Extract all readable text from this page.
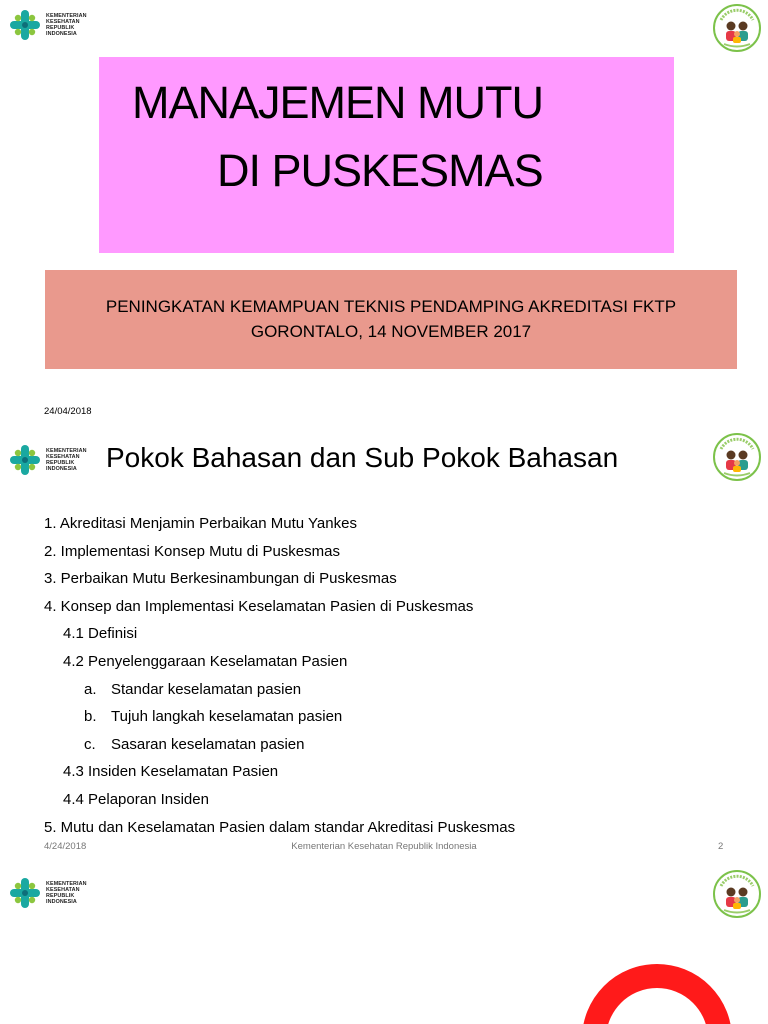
KEMENTERIAN
KESEHATAN
REPUBLIK
INDONESIA
MANAJEMEN MUTU
DI PUSKESMAS
PENINGKATAN KEMAMPUAN TEKNIS PENDAMPING AKREDITASI FKTP
GORONTALO, 14 NOVEMBER 2017
24/04/2018
KEMENTERIAN
KESEHATAN
REPUBLIK
INDONESIA	Pokok Bahasan dan Sub Pokok Bahasan
1. Akreditasi Menjamin Perbaikan Mutu Yankes
2. Implementasi Konsep Mutu di Puskesmas
3. Perbaikan Mutu Berkesinambungan di Puskesmas
4. Konsep dan Implementasi Keselamatan Pasien di Puskesmas
4.1 Definisi
4.2 Penyelenggaraan Keselamatan Pasien
a. Standar keselamatan pasien
b. Tujuh langkah keselamatan pasien
c.	Sasaran keselamatan pasien
4.3 Insiden Keselamatan Pasien
4.4 Pelaporan Insiden
5. Mutu dan Keselamatan Pasien dalam standar Akreditasi Puskesmas
4/24/2018	Kementerian Kesehatan Republik Indonesia	2
KEMENTERIAN
KESEHATAN
REPUBLIK
INDONESIA
